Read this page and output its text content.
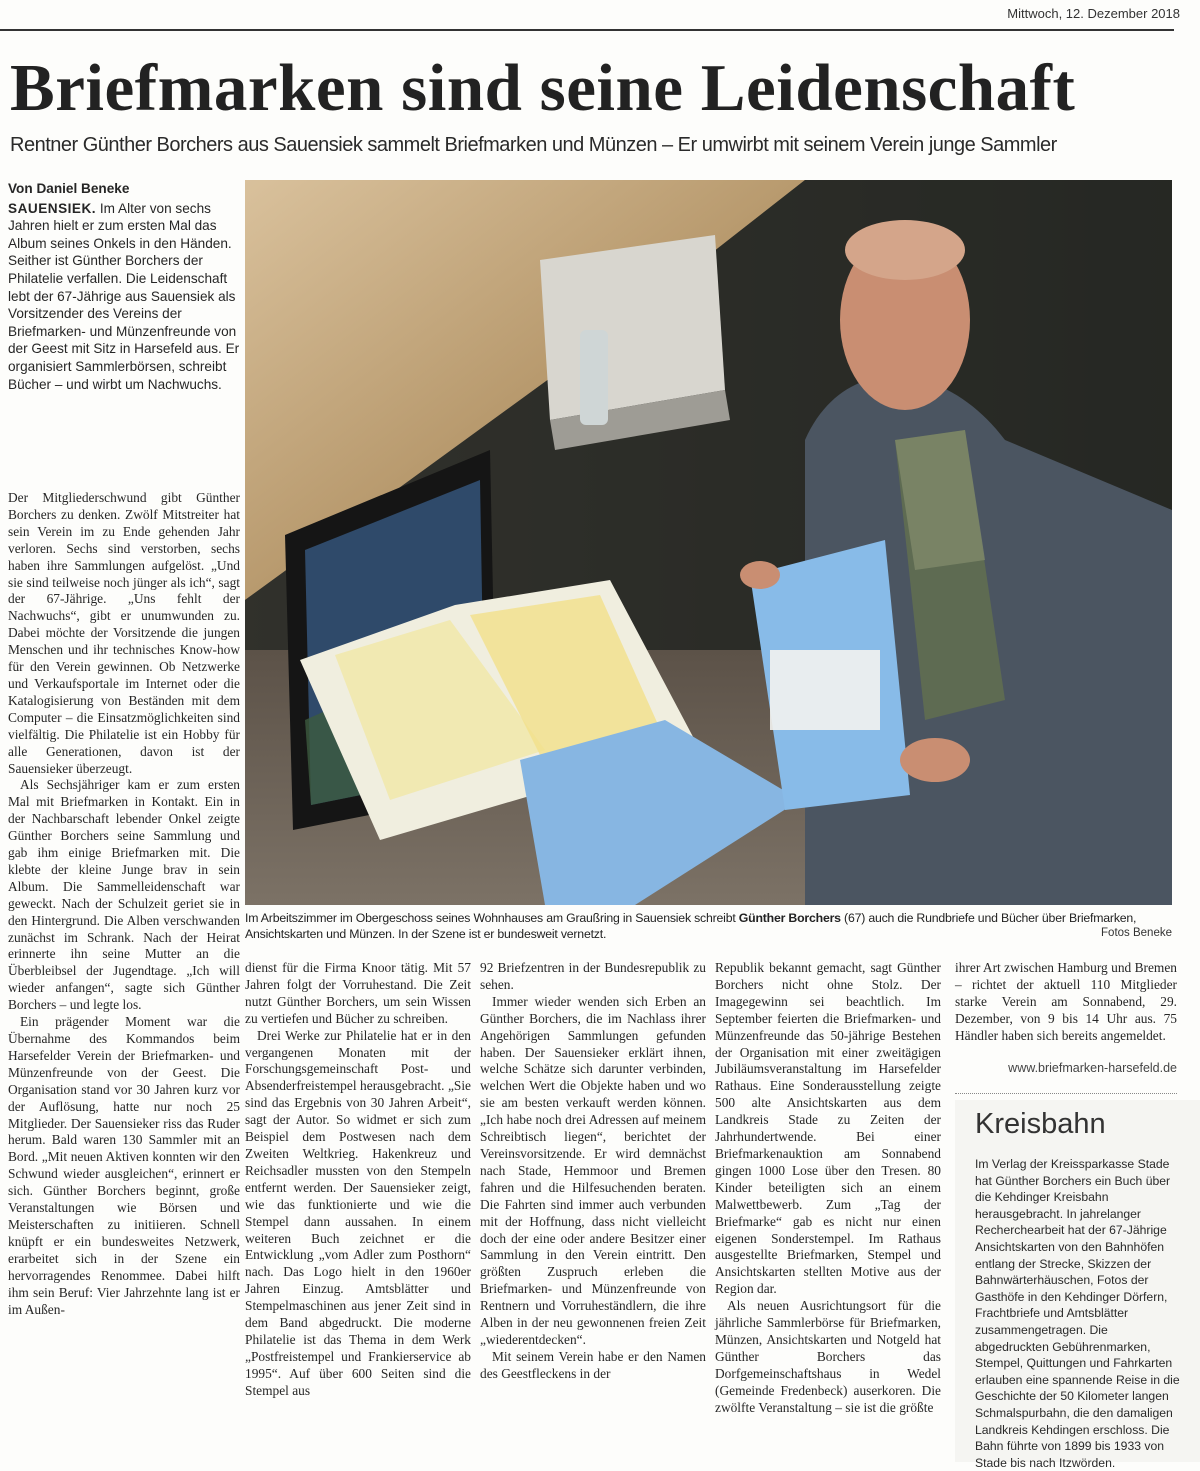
Mittwoch, 12. Dezember 2018
Briefmarken sind seine Leidenschaft
Rentner Günther Borchers aus Sauensiek sammelt Briefmarken und Münzen – Er umwirbt mit seinem Verein junge Sammler
Von Daniel Beneke
SAUENSIEK. Im Alter von sechs Jahren hielt er zum ersten Mal das Album seines Onkels in den Händen. Seither ist Günther Borchers der Philatelie verfallen. Die Leidenschaft lebt der 67-Jährige aus Sauensiek als Vorsitzender des Vereins der Briefmarken- und Münzenfreunde von der Geest mit Sitz in Harsefeld aus. Er organisiert Sammlerbörsen, schreibt Bücher – und wirbt um Nachwuchs.

Der Mitgliederschwund gibt Günther Borchers zu denken. Zwölf Mitstreiter hat sein Verein im zu Ende gehenden Jahr verloren. Sechs sind verstorben, sechs haben ihre Sammlungen aufgelöst. „Und sie sind teilweise noch jünger als ich“, sagt der 67-Jährige. „Uns fehlt der Nachwuchs“, gibt er unumwunden zu. Dabei möchte der Vorsitzende die jungen Menschen und ihr technisches Know-how für den Verein gewinnen. Ob Netzwerke und Verkaufsportale im Internet oder die Katalogisierung von Beständen mit dem Computer – die Einsatzmöglichkeiten sind vielfältig. Die Philatelie ist ein Hobby für alle Generationen, davon ist der Sauensieker überzeugt.

Als Sechsjähriger kam er zum ersten Mal mit Briefmarken in Kontakt. Ein in der Nachbarschaft lebender Onkel zeigte Günther Borchers seine Sammlung und gab ihm einige Briefmarken mit. Die klebte der kleine Junge brav in sein Album. Die Sammelleidenschaft war geweckt. Nach der Schulzeit geriet sie in den Hintergrund. Die Alben verschwanden zunächst im Schrank. Nach der Heirat erinnerte ihn seine Mutter an die Überbleibsel der Jugendtage. „Ich will wieder anfangen“, sagte sich Günther Borchers – und legte los.

Ein prägender Moment war die Übernahme des Kommandos beim Harsefelder Verein der Briefmarken- und Münzenfreunde von der Geest. Die Organisation stand vor 30 Jahren kurz vor der Auflösung, hatte nur noch 25 Mitglieder. Der Sauensieker riss das Ruder herum. Bald waren 130 Sammler mit an Bord. „Mit neuen Aktiven konnten wir den Schwund wieder ausgleichen“, erinnert er sich. Günther Borchers beginnt, große Veranstaltungen wie Börsen und Meisterschaften zu initiieren. Schnell knüpft er ein bundesweites Netzwerk, erarbeitet sich in der Szene ein hervorragendes Renommee. Dabei hilft ihm sein Beruf: Vier Jahrzehnte lang ist er im Außen-

Im Arbeitszimmer im Obergeschoss seines Wohnhauses am Graußring in Sauensiek schreibt Günther Borchers (67) auch die Rundbriefe und Bücher über Briefmarken, Ansichtskarten und Münzen. In der Szene ist er bundesweit vernetzt.	Fotos Beneke

dienst für die Firma Knoor tätig. Mit 57 Jahren folgt der Vorruhestand. Die Zeit nutzt Günther Borchers, um sein Wissen zu vertiefen und Bücher zu schreiben.

Drei Werke zur Philatelie hat er in den vergangenen Monaten mit der Forschungsgemeinschaft Post- und Absenderfreistempel herausgebracht. „Sie sind das Ergebnis von 30 Jahren Arbeit“, sagt der Autor. So widmet er sich zum Beispiel dem Postwesen nach dem Zweiten Weltkrieg. Hakenkreuz und Reichsadler mussten von den Stempeln entfernt werden. Der Sauensieker zeigt, wie das funktionierte und wie die Stempel dann aussahen. In einem weiteren Buch zeichnet er die Entwicklung „vom Adler zum Posthorn“ nach. Das Logo hielt in den 1960er Jahren Einzug. Amtsblätter und Stempelmaschinen aus jener Zeit sind in dem Band abgedruckt. Die moderne Philatelie ist das Thema in dem Werk „Postfreistempel und Frankierservice ab 1995“. Auf über 600 Seiten sind die Stempel aus

92 Briefzentren in der Bundesrepublik zu sehen.

Immer wieder wenden sich Erben an Günther Borchers, die im Nachlass ihrer Angehörigen Sammlungen gefunden haben. Der Sauensieker erklärt ihnen, welche Schätze sich darunter verbinden, welchen Wert die Objekte haben und wo sie am besten verkauft werden können. „Ich habe noch drei Adressen auf meinem Schreibtisch liegen“, berichtet der Vereinsvorsitzende. Er wird demnächst nach Stade, Hemmoor und Bremen fahren und die Hilfesuchenden beraten. Die Fahrten sind immer auch verbunden mit der Hoffnung, dass nicht vielleicht doch der eine oder andere Besitzer einer Sammlung in den Verein eintritt. Den größten Zuspruch erleben die Briefmarken- und Münzenfreunde von Rentnern und Vorruheständlern, die ihre Alben in der neu gewonnenen freien Zeit „wiederentdecken“.

Mit seinem Verein habe er den Namen des Geestfleckens in der

Republik bekannt gemacht, sagt Günther Borchers nicht ohne Stolz. Der Imagegewinn sei beachtlich. Im September feierten die Briefmarken- und Münzenfreunde das 50-jährige Bestehen der Organisation mit einer zweitägigen Jubiläumsveranstaltung im Harsefelder Rathaus. Eine Sonderausstellung zeigte 500 alte Ansichtskarten aus dem Landkreis Stade zu Zeiten der Jahrhundertwende. Bei einer Briefmarkenauktion am Sonnabend gingen 1000 Lose über den Tresen. 80 Kinder beteiligten sich an einem Malwettbewerb. Zum „Tag der Briefmarke“ gab es nicht nur einen eigenen Sonderstempel. Im Rathaus ausgestellte Briefmarken, Stempel und Ansichtskarten stellten Motive aus der Region dar.

Als neuen Ausrichtungsort für die jährliche Sammlerbörse für Briefmarken, Münzen, Ansichtskarten und Notgeld hat Günther Borchers das Dorfgemeinschaftshaus in Wedel (Gemeinde Fredenbeck) auserkoren. Die zwölfte Veranstaltung – sie ist die größte

ihrer Art zwischen Hamburg und Bremen – richtet der aktuell 110 Mitglieder starke Verein am Sonnabend, 29. Dezember, von 9 bis 14 Uhr aus. 75 Händler haben sich bereits angemeldet.

www.briefmarken-harsefeld.de
Kreisbahn
Im Verlag der Kreissparkasse Stade hat Günther Borchers ein Buch über die Kehdinger Kreisbahn herausgebracht. In jahrelanger Recherchearbeit hat der 67-Jährige Ansichtskarten von den Bahnhöfen entlang der Strecke, Skizzen der Bahnwärterhäuschen, Fotos der Gasthöfe in den Kehdinger Dörfern, Frachtbriefe und Amtsblätter zusammengetragen. Die abgedruckten Gebührenmarken, Stempel, Quittungen und Fahrkarten erlauben eine spannende Reise in die Geschichte der 50 Kilometer langen Schmalspurbahn, die den damaligen Landkreis Kehdingen erschloss. Die Bahn führte von 1899 bis 1933 von Stade bis nach Itzwörden.
